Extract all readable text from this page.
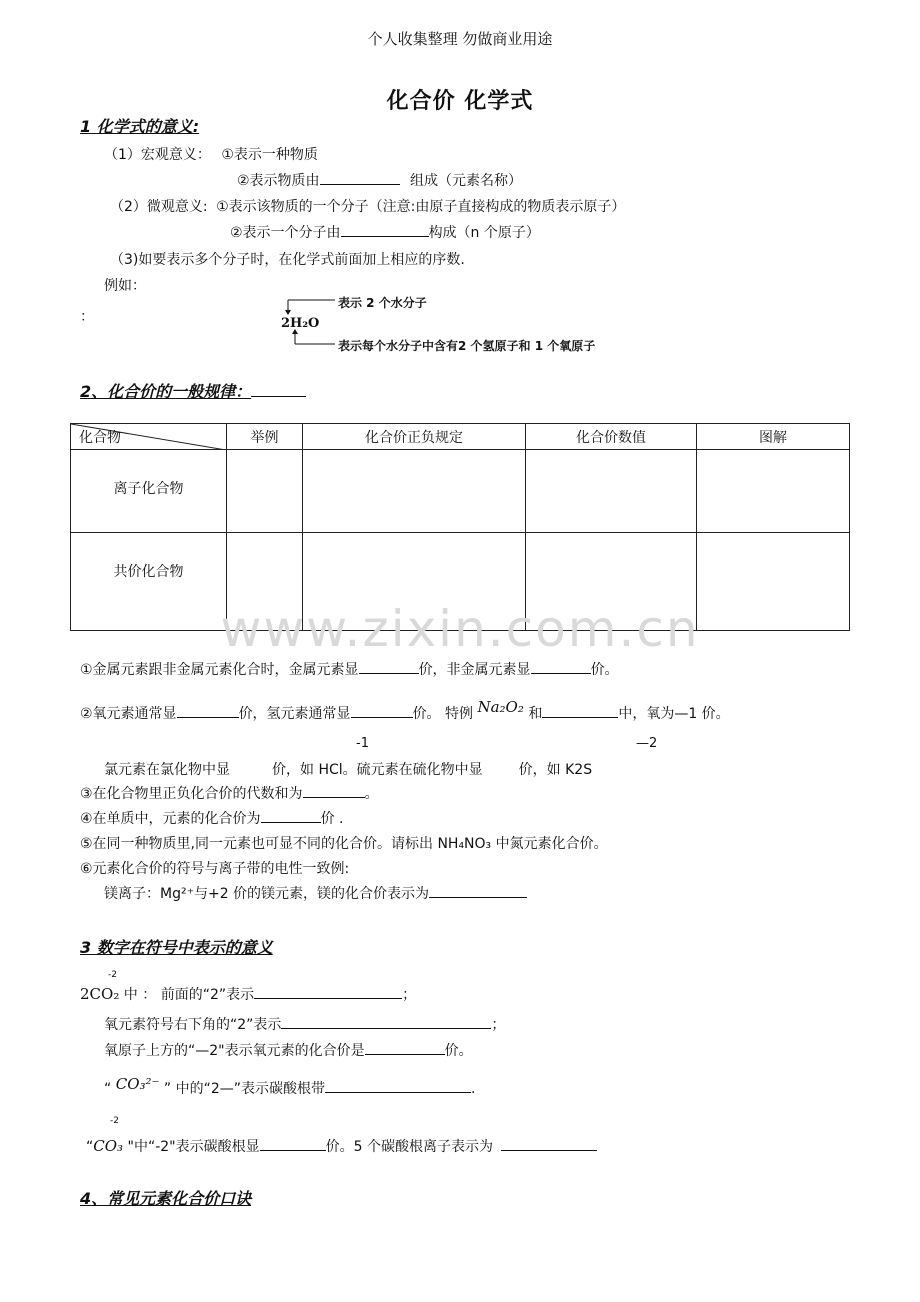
个人收集整理 勿做商业用途
化合价 化学式
1 化学式的意义:
（1）宏观意义： ①表示一种物质
②表示物质由	组成（元素名称）
（2）微观意义: ①表示该物质的一个分子（注意:由原子直接构成的物质表示原子）
②表示一个分子由	构成（n 个原子）
（3)如要表示多个分子时，在化学式前面加上相应的序数.
例如：
：	2H₂O
表示 2 个水分子
表示每个水分子中含有2 个氢原子和 1 个氧原子
2、化合价的一般规律：
化合物	举例	化合价正负规定	化合价数值	图解
离子化合物				
共价化合物				
www.zixin.com.cn
①金属元素跟非金属元素化合时，金属元素显	价，非金属元素显	价。
②氧元素通常显	价，氢元素通常显	价。 特例 Na₂O₂ 和	中，氧为—1 价。
-1	—2
氯元素在氯化物中显	价，如 HCl。硫元素在硫化物中显	价，如 K2S
③在化合物里正负化合价的代数和为	。
④在单质中，元素的化合价为	价 .
⑤在同一种物质里,同一元素也可显不同的化合价。请标出 NH₄NO₃ 中氮元素化合价。
⑥元素化合价的符号与离子带的电性一致例:
镁离子：Mg²⁺与+2 价的镁元素，镁的化合价表示为
3 数字在符号中表示的意义
-2
2CO₂ 中 ： 前面的“2”表示	；
氧元素符号右下角的“2”表示	；
氧原子上方的“—2"表示氧元素的化合价是	价。
“ CO₃²⁻ ” 中的“2—”表示碳酸根带	.
-2
“CO₃ "中“-2"表示碳酸根显	价。5 个碳酸根离子表示为
4、常见元素化合价口诀
